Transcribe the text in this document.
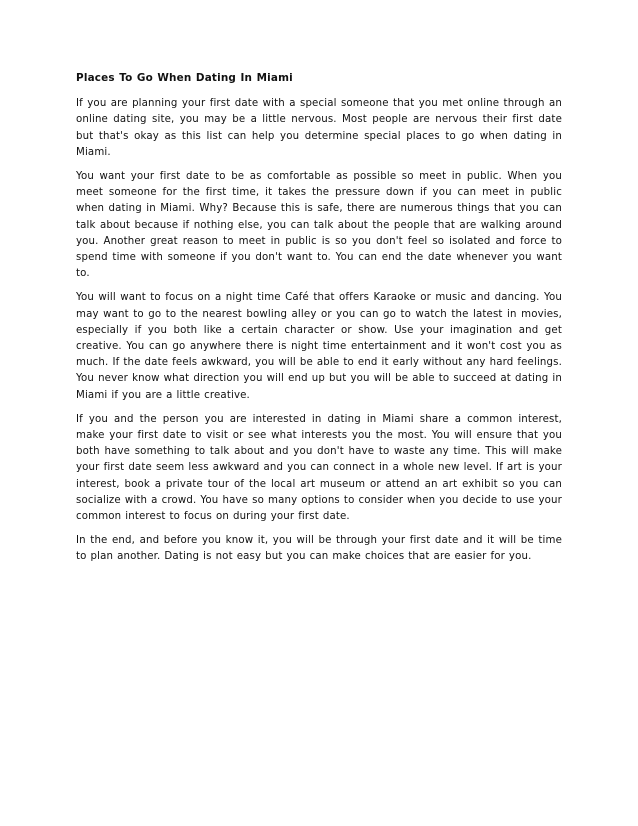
Places To Go When Dating In Miami

If you are planning your first date with a special someone that you met online through an online dating site, you may be a little nervous. Most people are nervous their first date but that's okay as this list can help you determine special places to go when dating in Miami.

You want your first date to be as comfortable as possible so meet in public. When you meet someone for the first time, it takes the pressure down if you can meet in public when dating in Miami. Why? Because this is safe, there are numerous things that you can talk about because if nothing else, you can talk about the people that are walking around you. Another great reason to meet in public is so you don't feel so isolated and force to spend time with someone if you don't want to. You can end the date whenever you want to.

You will want to focus on a night time Café that offers Karaoke or music and dancing. You may want to go to the nearest bowling alley or you can go to watch the latest in movies, especially if you both like a certain character or show. Use your imagination and get creative. You can go anywhere there is night time entertainment and it won't cost you as much. If the date feels awkward, you will be able to end it early without any hard feelings. You never know what direction you will end up but you will be able to succeed at dating in Miami if you are a little creative.

If you and the person you are interested in dating in Miami share a common interest, make your first date to visit or see what interests you the most. You will ensure that you both have something to talk about and you don't have to waste any time. This will make your first date seem less awkward and you can connect in a whole new level. If art is your interest, book a private tour of the local art museum or attend an art exhibit so you can socialize with a crowd. You have so many options to consider when you decide to use your common interest to focus on during your first date.

In the end, and before you know it, you will be through your first date and it will be time to plan another. Dating is not easy but you can make choices that are easier for you.
